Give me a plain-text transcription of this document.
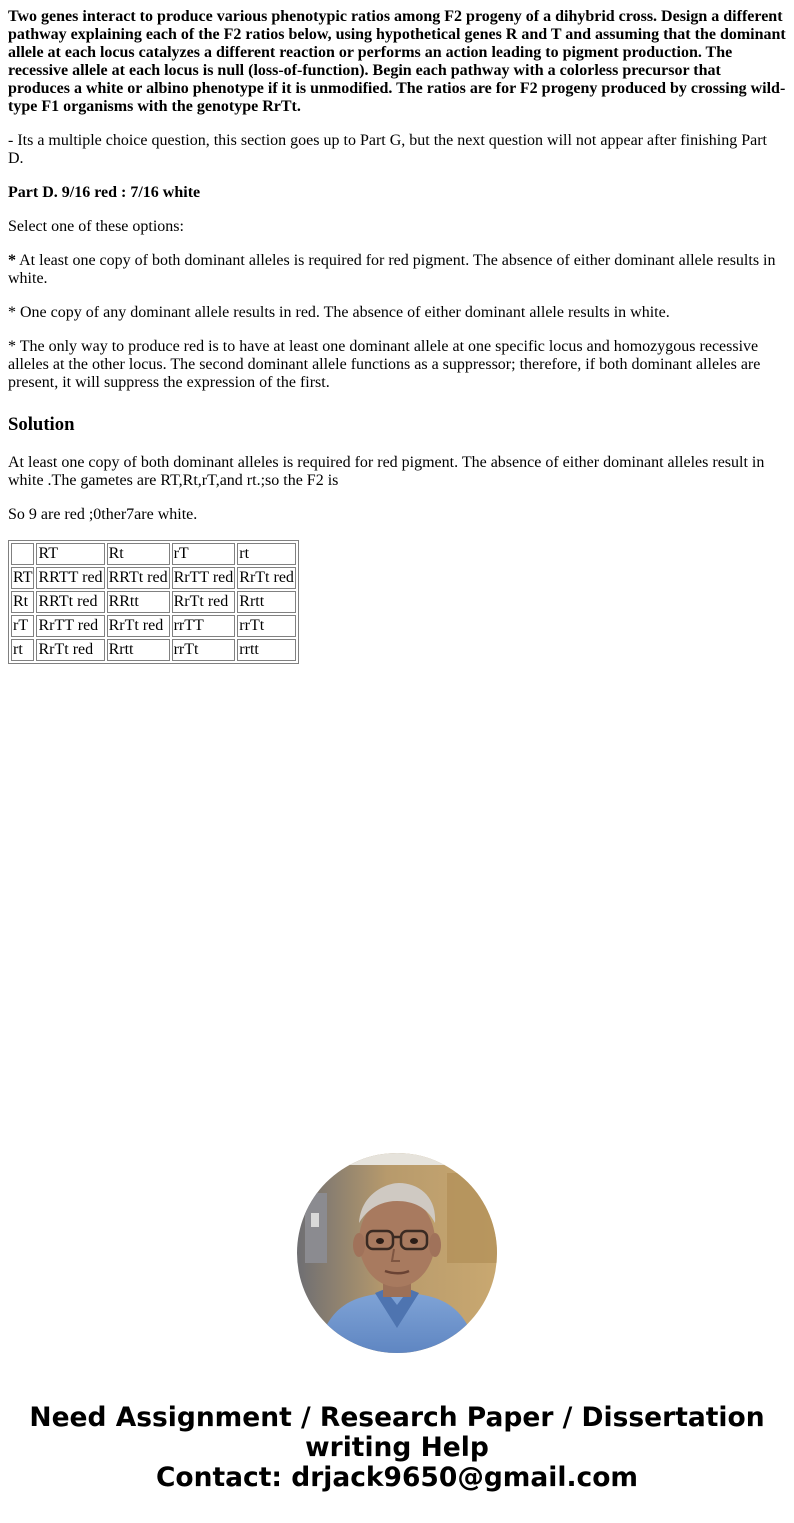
Two genes interact to produce various phenotypic ratios among F2 progeny of a dihybrid cross. Design a different pathway explaining each of the F2 ratios below, using hypothetical genes R and T and assuming that the dominant allele at each locus catalyzes a different reaction or performs an action leading to pigment production. The recessive allele at each locus is null (loss-of-function). Begin each pathway with a colorless precursor that produces a white or albino phenotype if it is unmodified. The ratios are for F2 progeny produced by crossing wild-type F1 organisms with the genotype RrTt.

- Its a multiple choice question, this section goes up to Part G, but the next question will not appear after finishing Part D.

Part D. 9/16 red : 7/16 white

Select one of these options:

* At least one copy of both dominant alleles is required for red pigment. The absence of either dominant allele results in white.

* One copy of any dominant allele results in red. The absence of either dominant allele results in white.

* The only way to produce red is to have at least one dominant allele at one specific locus and homozygous recessive alleles at the other locus. The second dominant allele functions as a suppressor; therefore, if both dominant alleles are present, it will suppress the expression of the first.

Solution

At least one copy of both dominant alleles is required for red pigment. The absence of either dominant alleles result in white .The gametes are RT,Rt,rT,and rt.;so the F2 is

So 9 are red ;0ther7are white.

	RT	Rt	rT	rt
RT	RRTT red	RRTt red	RrTT red	RrTt red
Rt	RRTt red	RRtt	RrTt red	Rrtt
rT	RrTT red	RrTt red	rrTT	rrTt
rt	RrTt red	Rrtt	rrTt	rrtt
Need Assignment / Research Paper / Dissertation
writing Help
Contact: drjack9650@gmail.com
